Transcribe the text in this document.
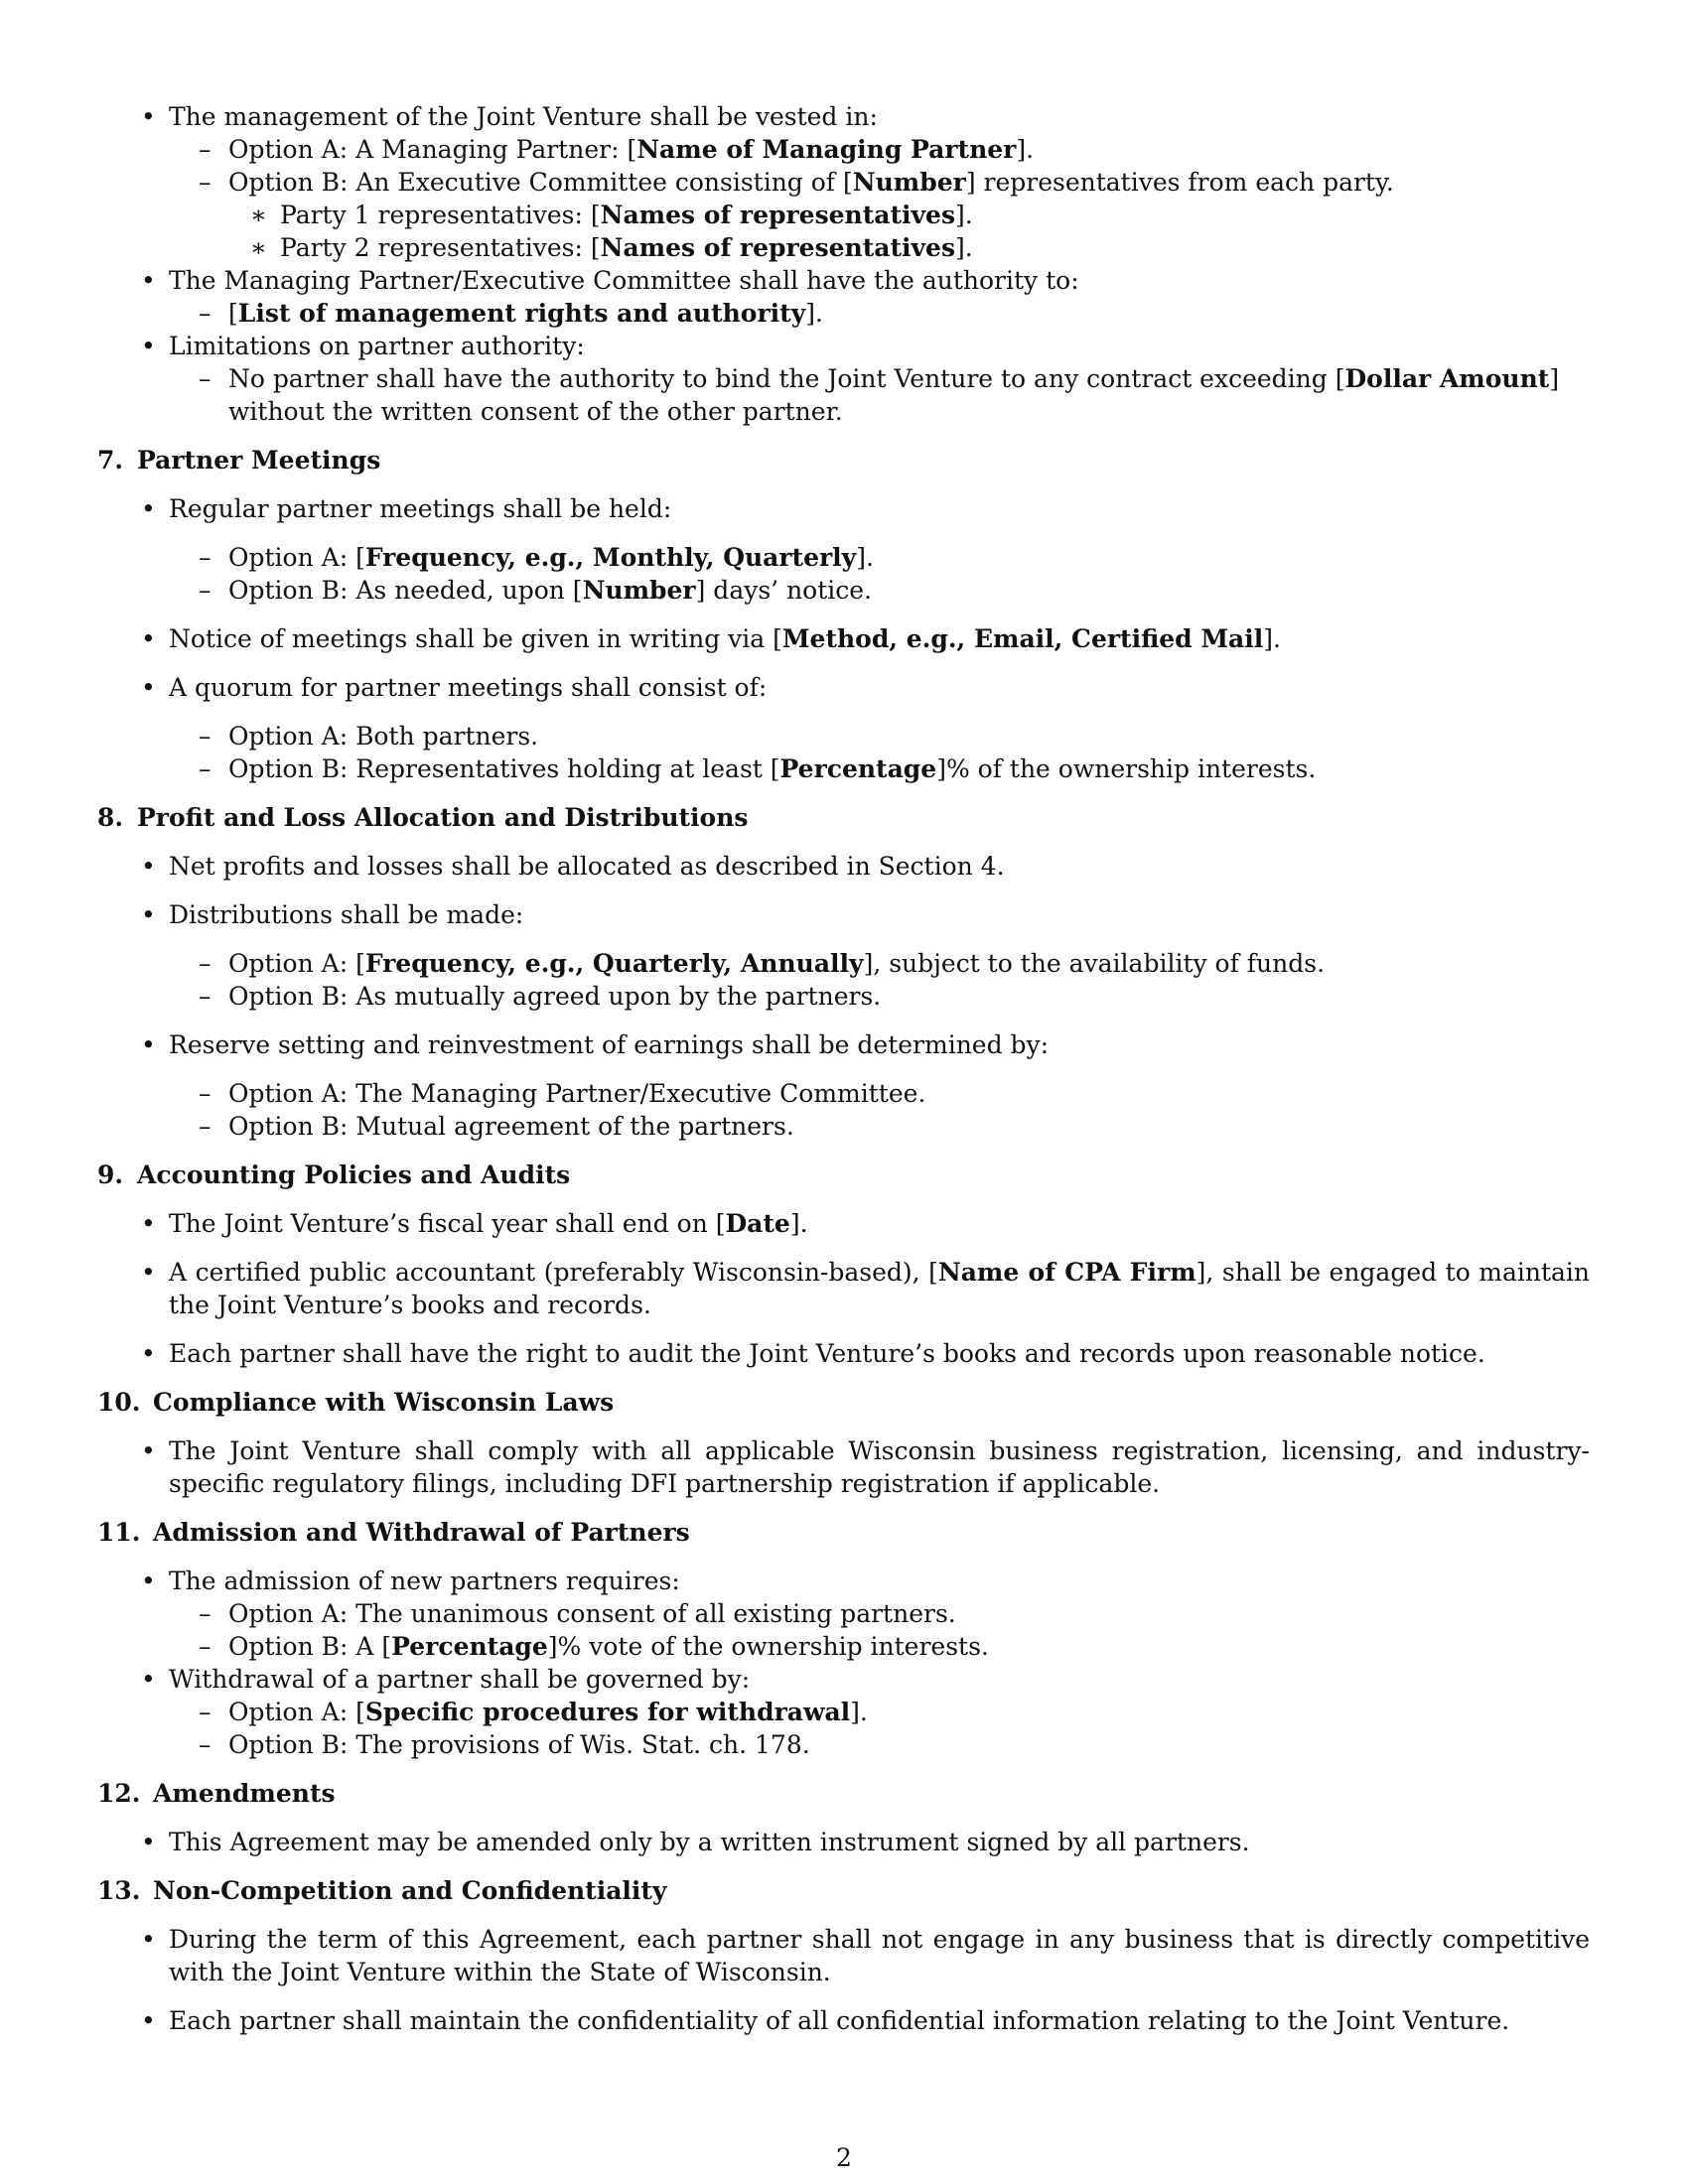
• The management of the Joint Venture shall be vested in:
– Option A: A Managing Partner: [Name of Managing Partner].
– Option B: An Executive Committee consisting of [Number] representatives from each party.
∗ Party 1 representatives: [Names of representatives].
∗ Party 2 representatives: [Names of representatives].
• The Managing Partner/Executive Committee shall have the authority to:
– [List of management rights and authority].
• Limitations on partner authority:
– No partner shall have the authority to bind the Joint Venture to any contract exceeding [Dollar Amount] without the written consent of the other partner.
7. Partner Meetings
• Regular partner meetings shall be held:
– Option A: [Frequency, e.g., Monthly, Quarterly].
– Option B: As needed, upon [Number] days’ notice.
• Notice of meetings shall be given in writing via [Method, e.g., Email, Certified Mail].
• A quorum for partner meetings shall consist of:
– Option A: Both partners.
– Option B: Representatives holding at least [Percentage]% of the ownership interests.
8. Profit and Loss Allocation and Distributions
• Net profits and losses shall be allocated as described in Section 4.
• Distributions shall be made:
– Option A: [Frequency, e.g., Quarterly, Annually], subject to the availability of funds.
– Option B: As mutually agreed upon by the partners.
• Reserve setting and reinvestment of earnings shall be determined by:
– Option A: The Managing Partner/Executive Committee.
– Option B: Mutual agreement of the partners.
9. Accounting Policies and Audits
• The Joint Venture’s fiscal year shall end on [Date].
• A certified public accountant (preferably Wisconsin-based), [Name of CPA Firm], shall be engaged to maintain the Joint Venture’s books and records.
• Each partner shall have the right to audit the Joint Venture’s books and records upon reasonable notice.
10. Compliance with Wisconsin Laws
• The Joint Venture shall comply with all applicable Wisconsin business registration, licensing, and industry-specific regulatory filings, including DFI partnership registration if applicable.
11. Admission and Withdrawal of Partners
• The admission of new partners requires:
– Option A: The unanimous consent of all existing partners.
– Option B: A [Percentage]% vote of the ownership interests.
• Withdrawal of a partner shall be governed by:
– Option A: [Specific procedures for withdrawal].
– Option B: The provisions of Wis. Stat. ch. 178.
12. Amendments
• This Agreement may be amended only by a written instrument signed by all partners.
13. Non-Competition and Confidentiality
• During the term of this Agreement, each partner shall not engage in any business that is directly competitive with the Joint Venture within the State of Wisconsin.
• Each partner shall maintain the confidentiality of all confidential information relating to the Joint Venture.
2
